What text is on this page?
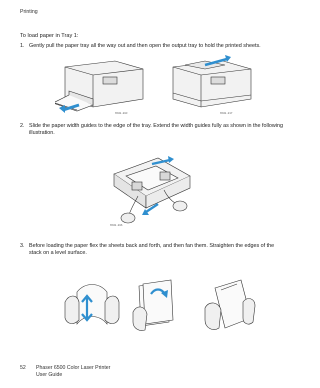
Printing
To load paper in Tray 1:
1. Gently pull the paper tray all the way out and then open the output tray to hold the printed sheets.
6500-003	6500-017
2. Slide the paper width guides to the edge of the tray. Extend the width guides fully as shown in the following illustration.
6500-006
3. Before loading the paper flex the sheets back and forth, and then fan them. Straighten the edges of the stack on a level surface.
52 Phaser 6500 Color Laser Printer
User Guide
